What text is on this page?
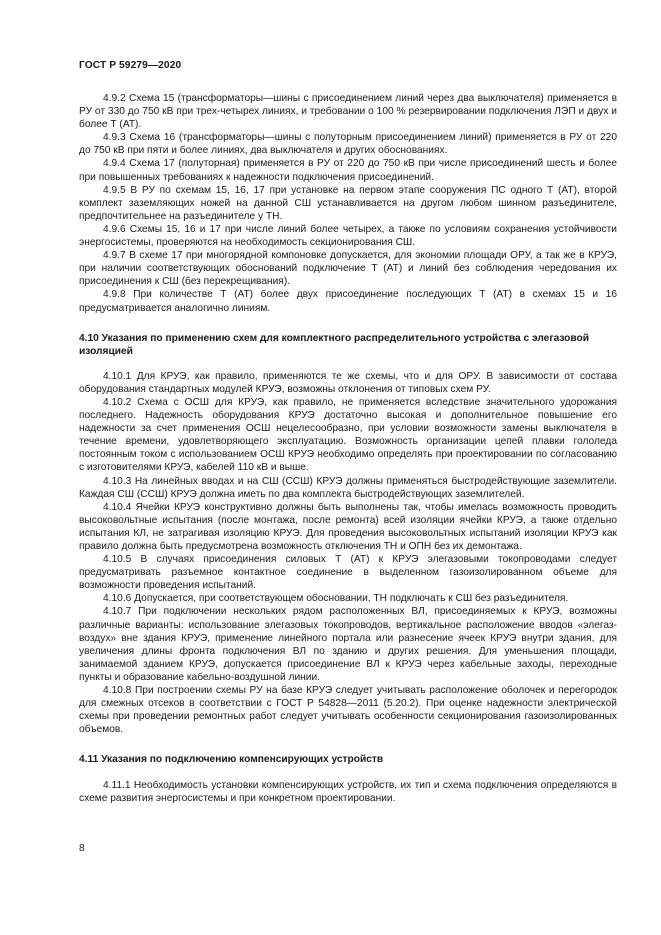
ГОСТ Р 59279—2020

4.9.2 Схема 15 (трансформаторы—шины с присоединением линий через два выключателя) применяется в РУ от 330 до 750 кВ при трех-четырех линиях, и требовании о 100 % резервировании подключения ЛЭП и двух и более Т (АТ).

4.9.3 Схема 16 (трансформаторы—шины с полуторным присоединением линий) применяется в РУ от 220 до 750 кВ при пяти и более линиях, два выключателя и других обоснованиях.

4.9.4 Схема 17 (полуторная) применяется в РУ от 220 до 750 кВ при числе присоединений шесть и более при повышенных требованиях к надежности подключения присоединений.

4.9.5 В РУ по схемам 15, 16, 17 при установке на первом этапе сооружения ПС одного Т (АТ), второй комплект заземляющих ножей на данной СШ устанавливается на другом любом шинном разъединителе, предпочтительнее на разъединителе у ТН.

4.9.6 Схемы 15, 16 и 17 при числе линий более четырех, а также по условиям сохранения устойчивости энергосистемы, проверяются на необходимость секционирования СШ.

4.9.7 В схеме 17 при многорядной компоновке допускается, для экономии площади ОРУ, а так же в КРУЭ, при наличии соответствующих обоснований подключение Т (АТ) и линий без соблюдения чередования их присоединения к СШ (без перекрещивания).

4.9.8 При количестве Т (АТ) более двух присоединение последующих Т (АТ) в схемах 15 и 16 предусматривается аналогично линиям.

4.10 Указания по применению схем для комплектного распределительного устройства с элегазовой изоляцией

4.10.1 Для КРУЭ, как правило, применяются те же схемы, что и для ОРУ. В зависимости от состава оборудования стандартных модулей КРУЭ, возможны отклонения от типовых схем РУ.

4.10.2 Схема с ОСШ для КРУЭ, как правило, не применяется вследствие значительного удорожания последнего. Надежность оборудования КРУЭ достаточно высокая и дополнительное повышение его надежности за счет применения ОСШ нецелесообразно, при условии возможности замены выключателя в течение времени, удовлетворяющего эксплуатацию. Возможность организации цепей плавки гололеда постоянным током с использованием ОСШ КРУЭ необходимо определять при проектировании по согласованию с изготовителями КРУЭ, кабелей 110 кВ и выше.

4.10.3 На линейных вводах и на СШ (ССШ) КРУЭ должны применяться быстродействующие заземлители. Каждая СШ (ССШ) КРУЭ должна иметь по два комплекта быстродействующих заземлителей.

4.10.4 Ячейки КРУЭ конструктивно должны быть выполнены так, чтобы имелась возможность проводить высоковольтные испытания (после монтажа, после ремонта) всей изоляции ячейки КРУЭ, а также отдельно испытания КЛ, не затрагивая изоляцию КРУЭ. Для проведения высоковольтных испытаний изоляции КРУЭ как правило должна быть предусмотрена возможность отключения ТН и ОПН без их демонтажа.

4.10.5 В случаях присоединения силовых Т (АТ) к КРУЭ элегазовыми токопроводами следует предусматривать разъемное контактное соединение в выделенном газоизолированном объеме для возможности проведения испытаний.

4.10.6 Допускается, при соответствующем обосновании, ТН подключать к СШ без разъединителя.

4.10.7 При подключении нескольких рядом расположенных ВЛ, присоединяемых к КРУЭ, возможны различные варианты: использование элегазовых токопроводов, вертикальное расположение вводов «элегаз-воздух» вне здания КРУЭ, применение линейного портала или разнесение ячеек КРУЭ внутри здания, для увеличения длины фронта подключения ВЛ по зданию и других решения. Для уменьшения площади, занимаемой зданием КРУЭ, допускается присоединение ВЛ к КРУЭ через кабельные заходы, переходные пункты и образование кабельно-воздушной линии.

4.10.8 При построении схемы РУ на базе КРУЭ следует учитывать расположение оболочек и перегородок для смежных отсеков в соответствии с ГОСТ Р 54828—2011 (5.20.2). При оценке надежности электрической схемы при проведении ремонтных работ следует учитывать особенности секционирования газоизолированных объемов.

4.11 Указания по подключению компенсирующих устройств

4.11.1 Необходимость установки компенсирующих устройств, их тип и схема подключения определяются в схеме развития энергосистемы и при конкретном проектировании.

8
